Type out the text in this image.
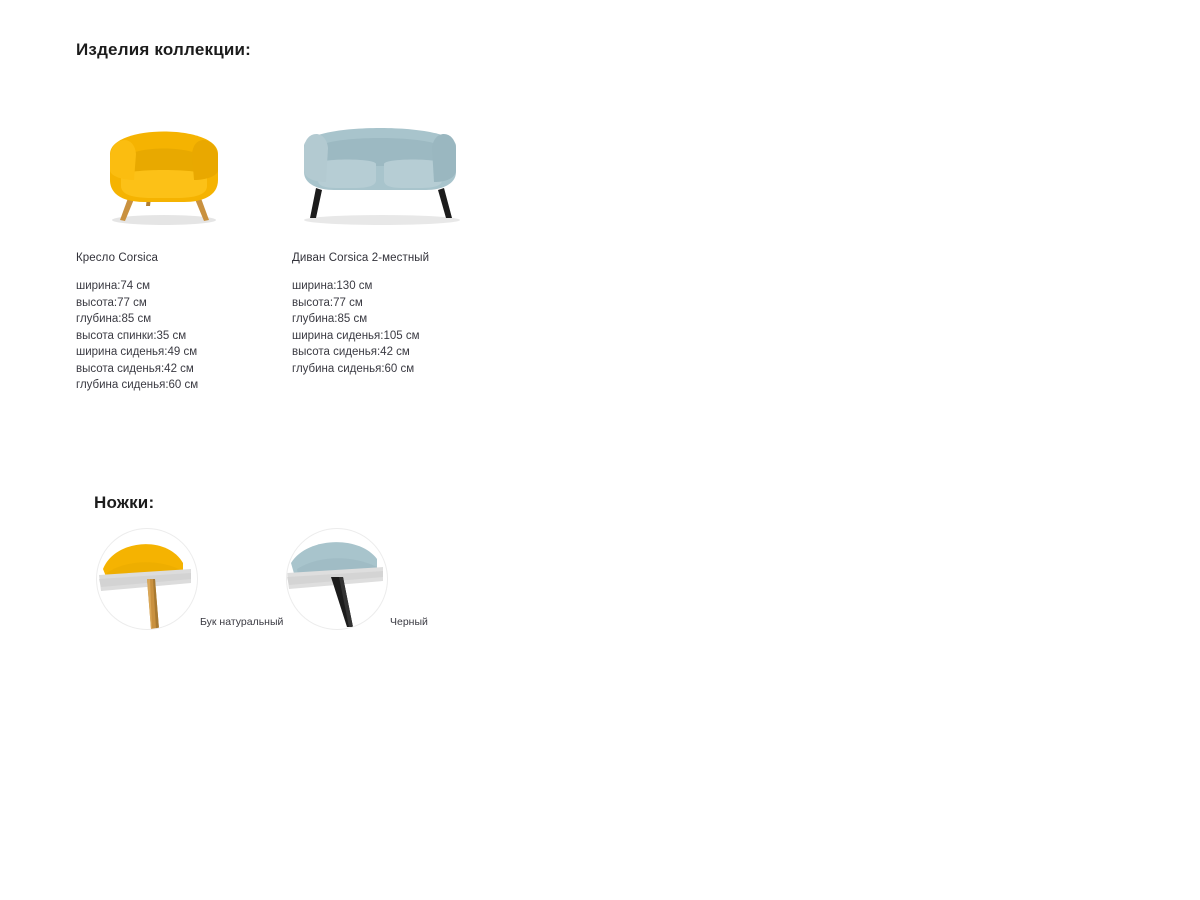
Изделия коллекции:
Кресло Corsica
ширина:74 см
высота:77 см
глубина:85 см
высота спинки:35 см
ширина сиденья:49 см
высота сиденья:42 см
глубина сиденья:60 см
Диван Corsica 2-местный
ширина:130 см
высота:77 см
глубина:85 см
ширина сиденья:105 см
высота сиденья:42 см
глубина сиденья:60 см
Ножки:
Бук натуральный	Черный
